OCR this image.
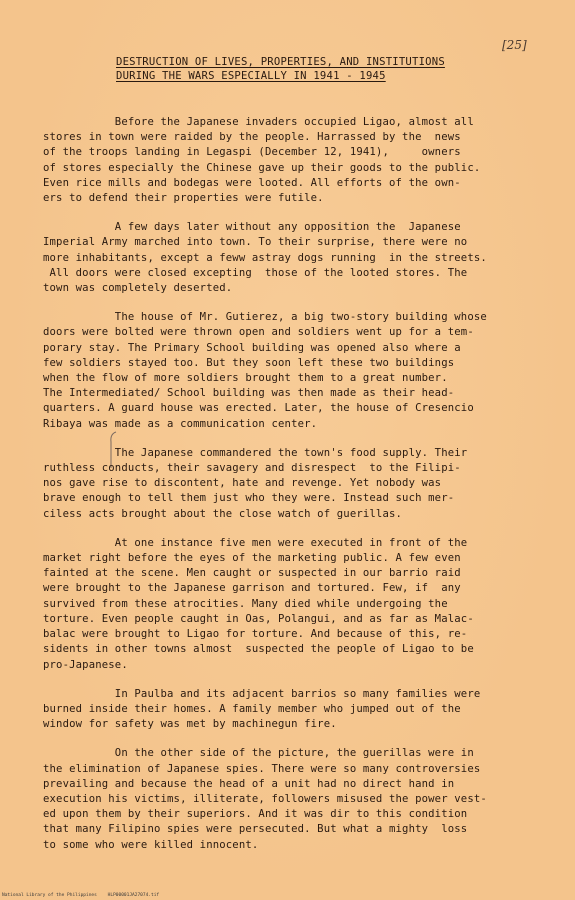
[25]
DESTRUCTION OF LIVES, PROPERTIES, AND INSTITUTIONS
DURING THE WARS ESPECIALLY IN 1941 - 1945

Before the Japanese invaders occupied Ligao, almost all
stores in town were raided by the people. Harrassed by the  news
of the troops landing in Legaspi (December 12, 1941),     owners
of stores especially the Chinese gave up their goods to the public.
Even rice mills and bodegas were looted. All efforts of the own-
ers to defend their properties were futile.

A few days later without any opposition the  Japanese
Imperial Army marched into town. To their surprise, there were no
more inhabitants, except a feww astray dogs running  in the streets.
All doors were closed excepting  those of the looted stores. The
town was completely deserted.

The house of Mr. Gutierez, a big two-story building whose
doors were bolted were thrown open and soldiers went up for a tem-
porary stay. The Primary School building was opened also where a
few soldiers stayed too. But they soon left these two buildings
when the flow of more soldiers brought them to a great number.
The Intermediated/ School building was then made as their head-
quarters. A guard house was erected. Later, the house of Cresencio
Ribaya was made as a communication center.

The Japanese commandered the town's food supply. Their
ruthless conducts, their savagery and disrespect  to the Filipi-
nos gave rise to discontent, hate and revenge. Yet nobody was
brave enough to tell them just who they were. Instead such mer-
ciless acts brought about the close watch of guerillas.

At one instance five men were executed in front of the
market right before the eyes of the marketing public. A few even
fainted at the scene. Men caught or suspected in our barrio raid
were brought to the Japanese garrison and tortured. Few, if  any
survived from these atrocities. Many died while undergoing the
torture. Even people caught in Oas, Polangui, and as far as Malac-
balac were brought to Ligao for torture. And because of this, re-
sidents in other towns almost  suspected the people of Ligao to be
pro-Japanese.

In Paulba and its adjacent barrios so many families were
burned inside their homes. A family member who jumped out of the
window for safety was met by machinegun fire.

On the other side of the picture, the guerillas were in
the elimination of Japanese spies. There were so many controversies
prevailing and because the head of a unit had no direct hand in
execution his victims, illiterate, followers misused the power vest-
ed upon them by their superiors. And it was dir to this condition
that many Filipino spies were persecuted. But what a mighty  loss
to some who were killed innocent.

National Library of the Philippines    HLP00001JA27074.tif
